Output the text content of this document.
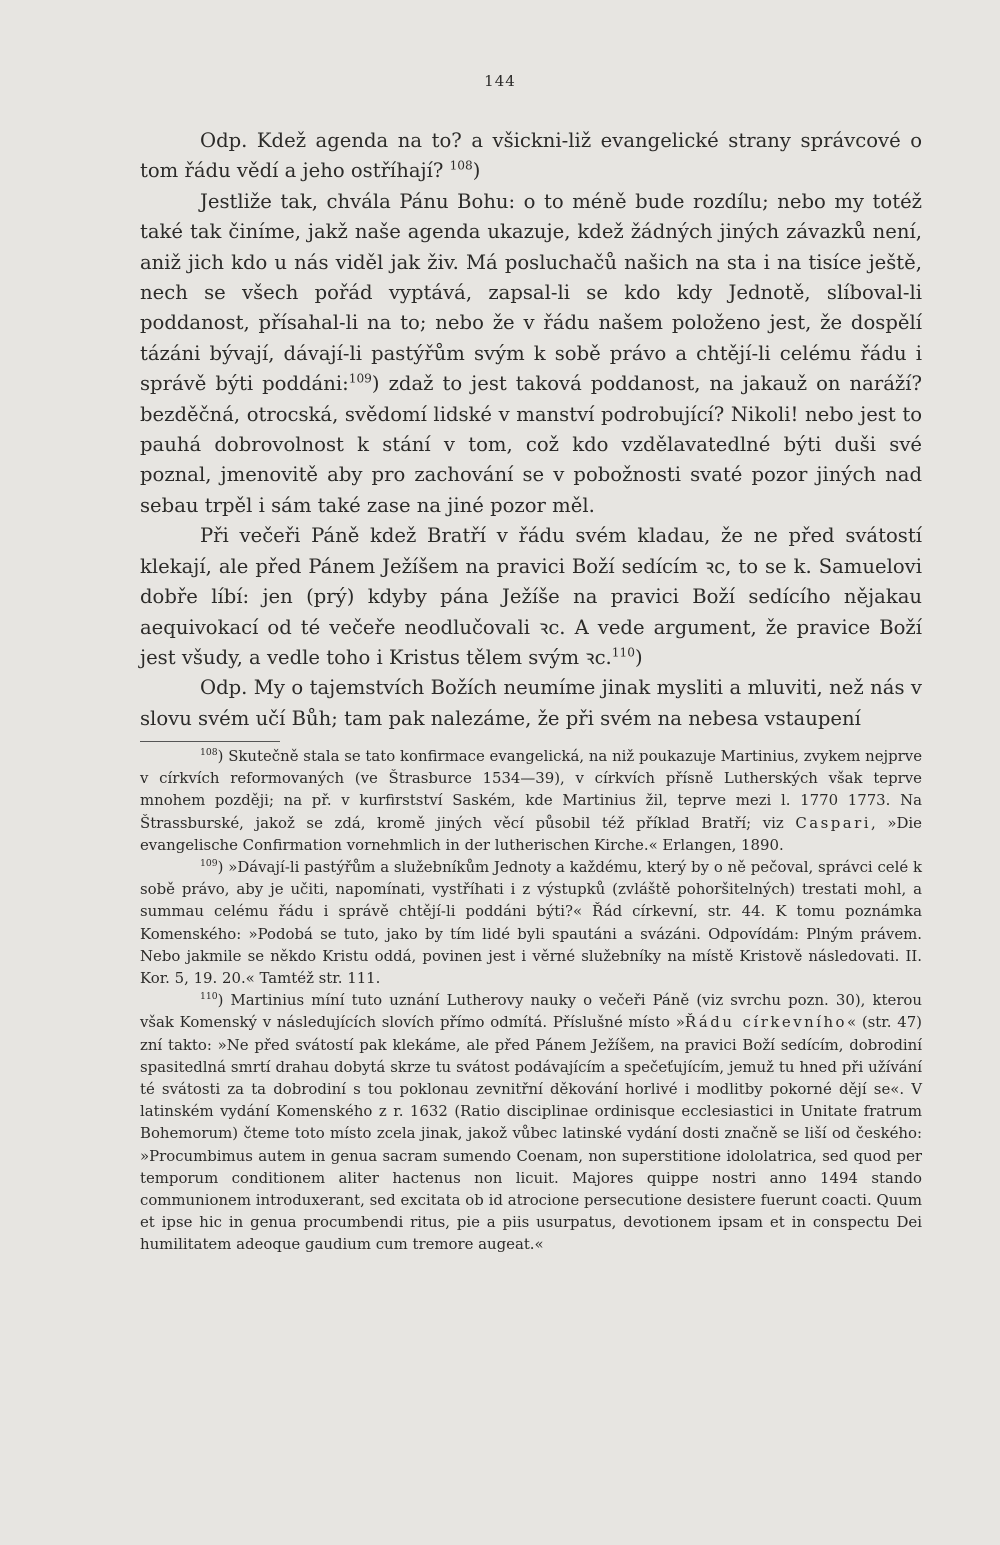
144

Odp. Kdež agenda na to? a všickni-liž evangelické strany správcové o tom řádu vědí a jeho ostříhají? $^{108}$)

Jestliže tak, chvála Pánu Bohu: o to méně bude rozdílu; nebo my totéž také tak činíme, jakž naše agenda ukazuje, kdež žádných jiných závazků není, aniž jich kdo u nás viděl jak živ. Má posluchačů našich na sta i na tisíce ještě, nech se všech pořád vyptává, zapsal-li se kdo kdy Jednotě, slíboval-li poddanost, přísahal-li na to; nebo že v řádu našem položeno jest, že dospělí tázáni bývají, dávají-li pastýřům svým k sobě právo a chtějí-li celému řádu i správě býti poddáni:$^{109}$) zdaž to jest taková poddanost, na jakauž on naráží? bezděčná, otrocská, svědomí lidské v manství podrobující? Nikoli! nebo jest to pauhá dobrovolnost k stání v tom, což kdo vzdělavatedlné býti duši své poznal, jmenovitě aby pro zachování se v pobožnosti svaté pozor jiných nad sebau trpěl i sám také zase na jiné pozor měl.

Při večeři Páně kdež Bratří v řádu svém kladau, že ne před svátostí klekají, ale před Pánem Ježíšem na pravici Boží sedícím ꝛc, to se k. Samuelovi dobře líbí: jen (prý) kdyby pána Ježíše na pravici Boží sedícího nějakau aequivokací od té večeře neodlučovali ꝛc. A vede argument, že pravice Boží jest všudy, a vedle toho i Kristus tělem svým ꝛc.$^{110}$)

Odp. My o tajemstvích Božích neumíme jinak mysliti a mluviti, než nás v slovu svém učí Bůh; tam pak nalezáme, že při svém na nebesa vstaupení

$^{108}$) Skutečně stala se tato konfirmace evangelická, na niž poukazuje Martinius, zvykem nejprve v církvích reformovaných (ve Štrasburce 1534—39), v církvích přísně Lutherských však teprve mnohem později; na př. v kurfirstství Saském, kde Martinius žil, teprve mezi l. 1770 1773. Na Štrassburské, jakož se zdá, kromě jiných věcí působil též příklad Bratří; viz Caspari, »Die evangelische Confirmation vornehmlich in der lutherischen Kirche.« Erlangen, 1890.

$^{109}$) »Dávají-li pastýřům a služebníkům Jednoty a každému, který by o ně pečoval, správci celé k sobě právo, aby je učiti, napomínati, vystříhati i z výstupků (zvláště pohoršitelných) trestati mohl, a summau celému řádu i správě chtějí-li poddáni býti?« Řád církevní, str. 44. K tomu poznámka Komenského: »Podobá se tuto, jako by tím lidé byli spautáni a svázáni. Odpovídám: Plným právem. Nebo jakmile se někdo Kristu oddá, povinen jest i věrné služebníky na místě Kristově následovati. II. Kor. 5, 19. 20.« Tamtéž str. 111.

$^{110}$) Martinius míní tuto uznání Lutherovy nauky o večeři Páně (viz svrchu pozn. 30), kterou však Komenský v následujících slovích přímo odmítá. Příslušné místo »Řádu církevního« (str. 47) zní takto: »Ne před svátostí pak klekáme, ale před Pánem Ježíšem, na pravici Boží sedícím, dobrodiní spasitedlná smrtí drahau dobytá skrze tu svátost podávajícím a spečeťujícím, jemuž tu hned při užívání té svátosti za ta dobrodiní s tou poklonau zevnitřní děkování horlivé i modlitby pokorné dějí se«. V latinském vydání Komenského z r. 1632 (Ratio disciplinae ordinisque ecclesiastici in Unitate fratrum Bohemorum) čteme toto místo zcela jinak, jakož vůbec latinské vydání dosti značně se liší od českého: »Procumbimus autem in genua sacram sumendo Coenam, non superstitione idololatrica, sed quod per temporum conditionem aliter hactenus non licuit. Majores quippe nostri anno 1494 stando communionem introduxerant, sed excitata ob id atrocione persecutione desistere fuerunt coacti. Quum et ipse hic in genua procumbendi ritus, pie a piis usurpatus, devotionem ipsam et in conspectu Dei humilitatem adeoque gaudium cum tremore augeat.«
